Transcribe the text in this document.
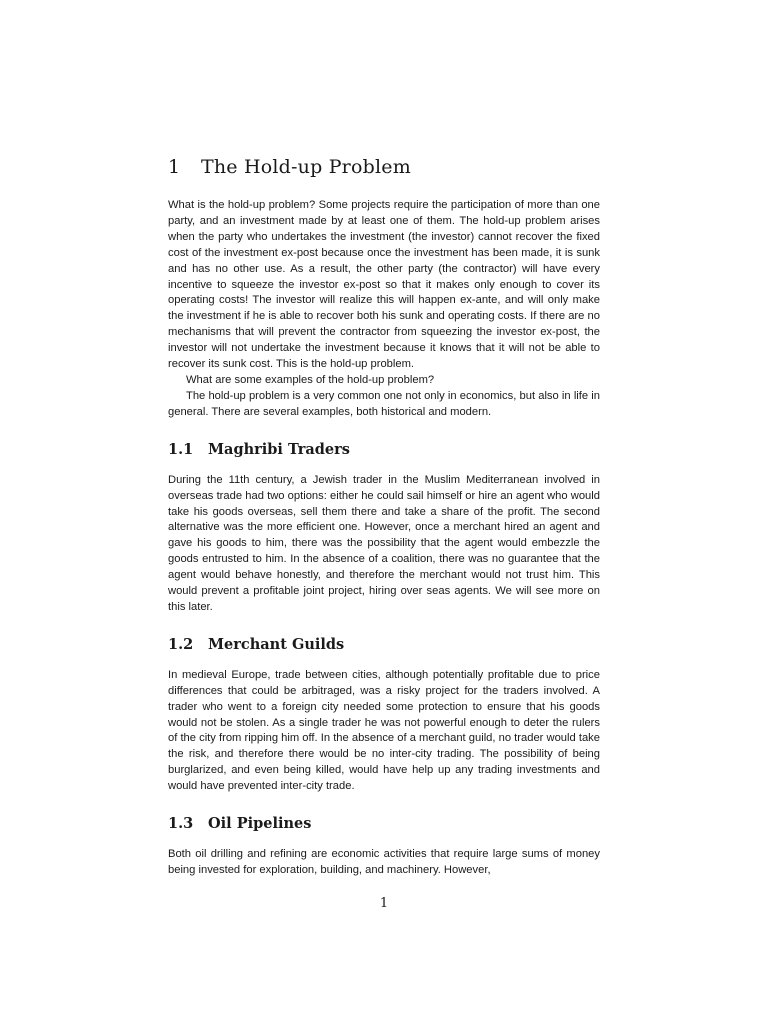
1 The Hold-up Problem

What is the hold-up problem? Some projects require the participation of more than one party, and an investment made by at least one of them. The hold-up problem arises when the party who undertakes the investment (the investor) cannot recover the fixed cost of the investment ex-post because once the investment has been made, it is sunk and has no other use. As a result, the other party (the contractor) will have every incentive to squeeze the investor ex-post so that it makes only enough to cover its operating costs! The investor will realize this will happen ex-ante, and will only make the investment if he is able to recover both his sunk and operating costs. If there are no mechanisms that will prevent the contractor from squeezing the investor ex-post, the investor will not undertake the investment because it knows that it will not be able to recover its sunk cost. This is the hold-up problem.

What are some examples of the hold-up problem?

The hold-up problem is a very common one not only in economics, but also in life in general. There are several examples, both historical and modern.

1.1 Maghribi Traders

During the 11th century, a Jewish trader in the Muslim Mediterranean involved in overseas trade had two options: either he could sail himself or hire an agent who would take his goods overseas, sell them there and take a share of the profit. The second alternative was the more efficient one. However, once a merchant hired an agent and gave his goods to him, there was the possibility that the agent would embezzle the goods entrusted to him. In the absence of a coalition, there was no guarantee that the agent would behave honestly, and therefore the merchant would not trust him. This would prevent a profitable joint project, hiring over seas agents. We will see more on this later.

1.2 Merchant Guilds

In medieval Europe, trade between cities, although potentially profitable due to price differences that could be arbitraged, was a risky project for the traders involved. A trader who went to a foreign city needed some protection to ensure that his goods would not be stolen. As a single trader he was not powerful enough to deter the rulers of the city from ripping him off. In the absence of a merchant guild, no trader would take the risk, and therefore there would be no inter-city trading. The possibility of being burglarized, and even being killed, would have help up any trading investments and would have prevented inter-city trade.

1.3 Oil Pipelines

Both oil drilling and refining are economic activities that require large sums of money being invested for exploration, building, and machinery. However,

1
